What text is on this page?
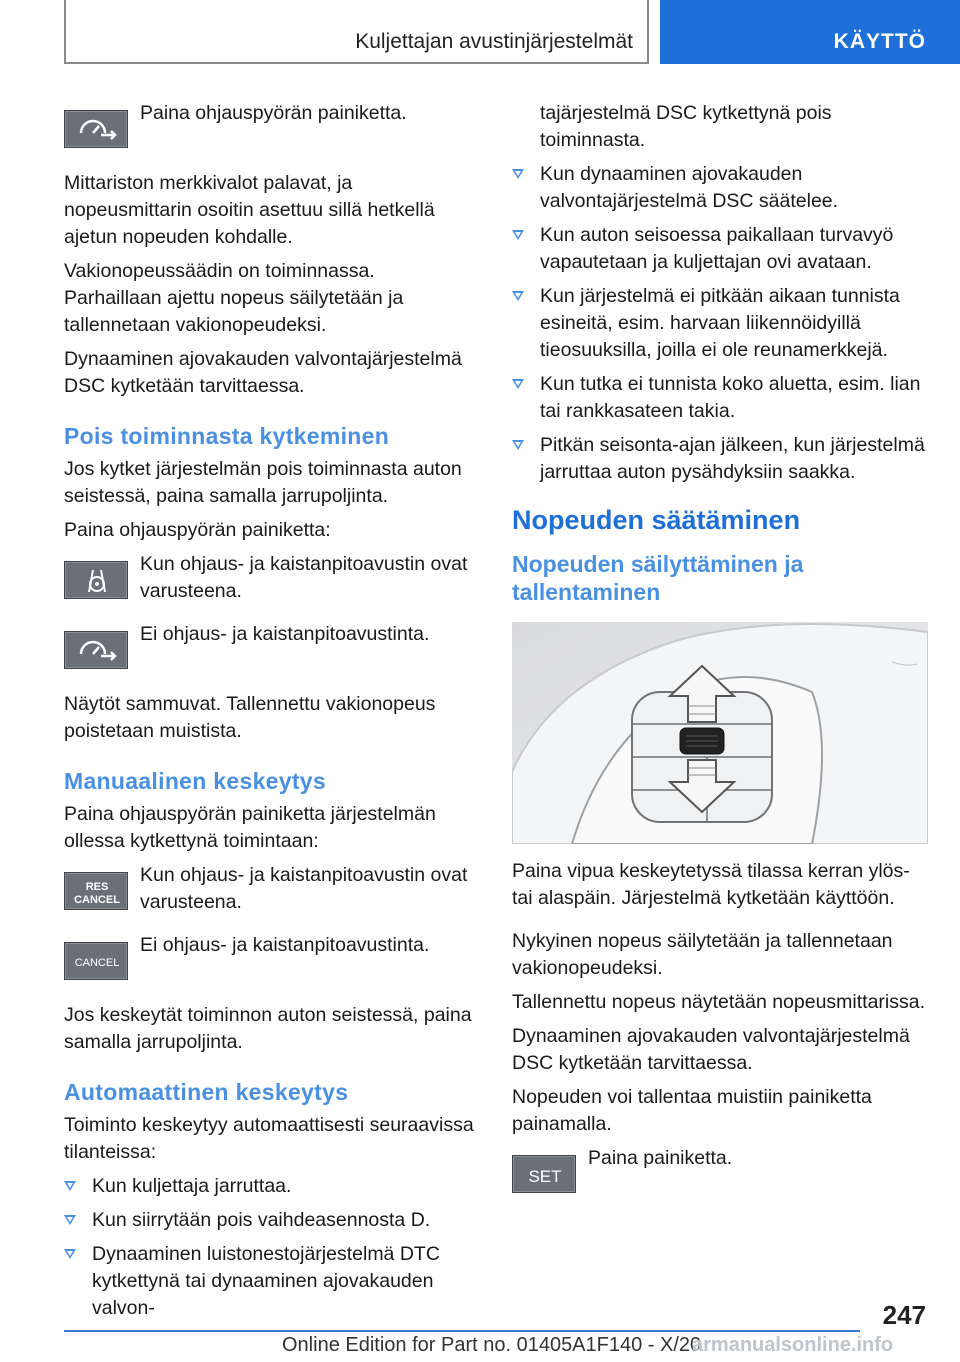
Kuljettajan avustinjärjestelmät	KÄYTTÖ
Paina ohjauspyörän painiketta.

Mittariston merkkivalot palavat, ja nopeusmittarin osoitin asettuu sillä hetkellä ajetun nopeuden kohdalle.

Vakionopeussäädin on toiminnassa. Parhaillaan ajettu nopeus säilytetään ja tallennetaan vakionopeudeksi.

Dynaaminen ajovakauden valvontajärjestelmä DSC kytketään tarvittaessa.

Pois toiminnasta kytkeminen

Jos kytket järjestelmän pois toiminnasta auton seistessä, paina samalla jarrupoljinta.

Paina ohjauspyörän painiketta:

Kun ohjaus- ja kaistanpitoavustin ovat varusteena.
Ei ohjaus- ja kaistanpitoavustinta.

Näytöt sammuvat. Tallennettu vakionopeus poistetaan muistista.

Manuaalinen keskeytys

Paina ohjauspyörän painiketta järjestelmän ollessa kytkettynä toimintaan:

RES
CANCEL
Kun ohjaus- ja kaistanpitoavustin ovat varusteena.
CANCEL
Ei ohjaus- ja kaistanpitoavustinta.

Jos keskeytät toiminnon auton seistessä, paina samalla jarrupoljinta.

Automaattinen keskeytys

Toiminto keskeytyy automaattisesti seuraavissa tilanteissa:

Kun kuljettaja jarruttaa.
Kun siirrytään pois vaihdeasennosta D.
Dynaaminen luistonestojärjestelmä DTC kytkettynä tai dynaaminen ajovakauden valvon-

tajärjestelmä DSC kytkettynä pois toiminnasta.

Kun dynaaminen ajovakauden valvontajärjestelmä DSC säätelee.
Kun auton seisoessa paikallaan turvavyö vapautetaan ja kuljettajan ovi avataan.
Kun järjestelmä ei pitkään aikaan tunnista esineitä, esim. harvaan liikennöidyillä tieosuuksilla, joilla ei ole reunamerkkejä.
Kun tutka ei tunnista koko aluetta, esim. lian tai rankkasateen takia.
Pitkän seisonta-ajan jälkeen, kun järjestelmä jarruttaa auton pysähdyksiin saakka.
Nopeuden säätäminen
Nopeuden säilyttäminen ja tallentaminen

Paina vipua keskeytetyssä tilassa kerran ylös- tai alaspäin. Järjestelmä kytketään käyttöön.

Nykyinen nopeus säilytetään ja tallennetaan vakionopeudeksi.

Tallennettu nopeus näytetään nopeusmittarissa.

Dynaaminen ajovakauden valvontajärjestelmä DSC kytketään tarvittaessa.

Nopeuden voi tallentaa muistiin painiketta painamalla.

SET
Paina painiketta.
247
Online Edition for Part no. 01405A1F140 - X/20
armanualsonline.info
